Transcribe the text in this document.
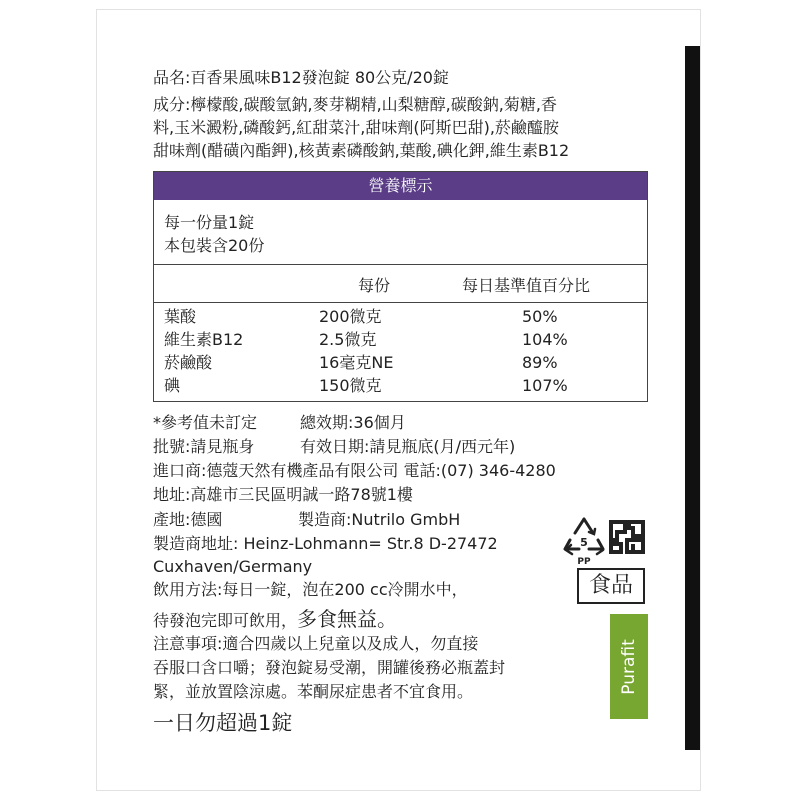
品名:百香果風味B12發泡錠 80公克/20錠
成分:檸檬酸,碳酸氫鈉,麥芽糊精,山梨糖醇,碳酸鈉,菊糖,香
料,玉米澱粉,磷酸鈣,紅甜菜汁,甜味劑(阿斯巴甜),菸鹼醯胺
甜味劑(醋磺內酯鉀),核黃素磷酸鈉,葉酸,碘化鉀,維生素B12
營養標示
每一份量1錠
本包裝含20份
每份	每日基準值百分比
葉酸	200微克	50%
維生素B12	2.5微克	104%
菸鹼酸	16毫克NE	89%
碘	150微克	107%
*參考值未訂定	總效期:36個月
批號:請見瓶身	有效日期:請見瓶底(月/西元年)
進口商:德蔻天然有機產品有限公司 電話:(07) 346-4280
地址:高雄市三民區明誠一路78號1樓
產地:德國	製造商:Nutrilo GmbH
製造商地址: Heinz-Lohmann= Str.8 D-27472
Cuxhaven/Germany
飲用方法:每日一錠，泡在200 cc冷開水中，
待發泡完即可飲用，多食無益。
注意事項:適合四歲以上兒童以及成人，勿直接
吞服口含口嚼；發泡錠易受潮，開罐後務必瓶蓋封
緊，並放置陰涼處。苯酮尿症患者不宜食用。
一日勿超過1錠
5
PP
食品
Purafit
